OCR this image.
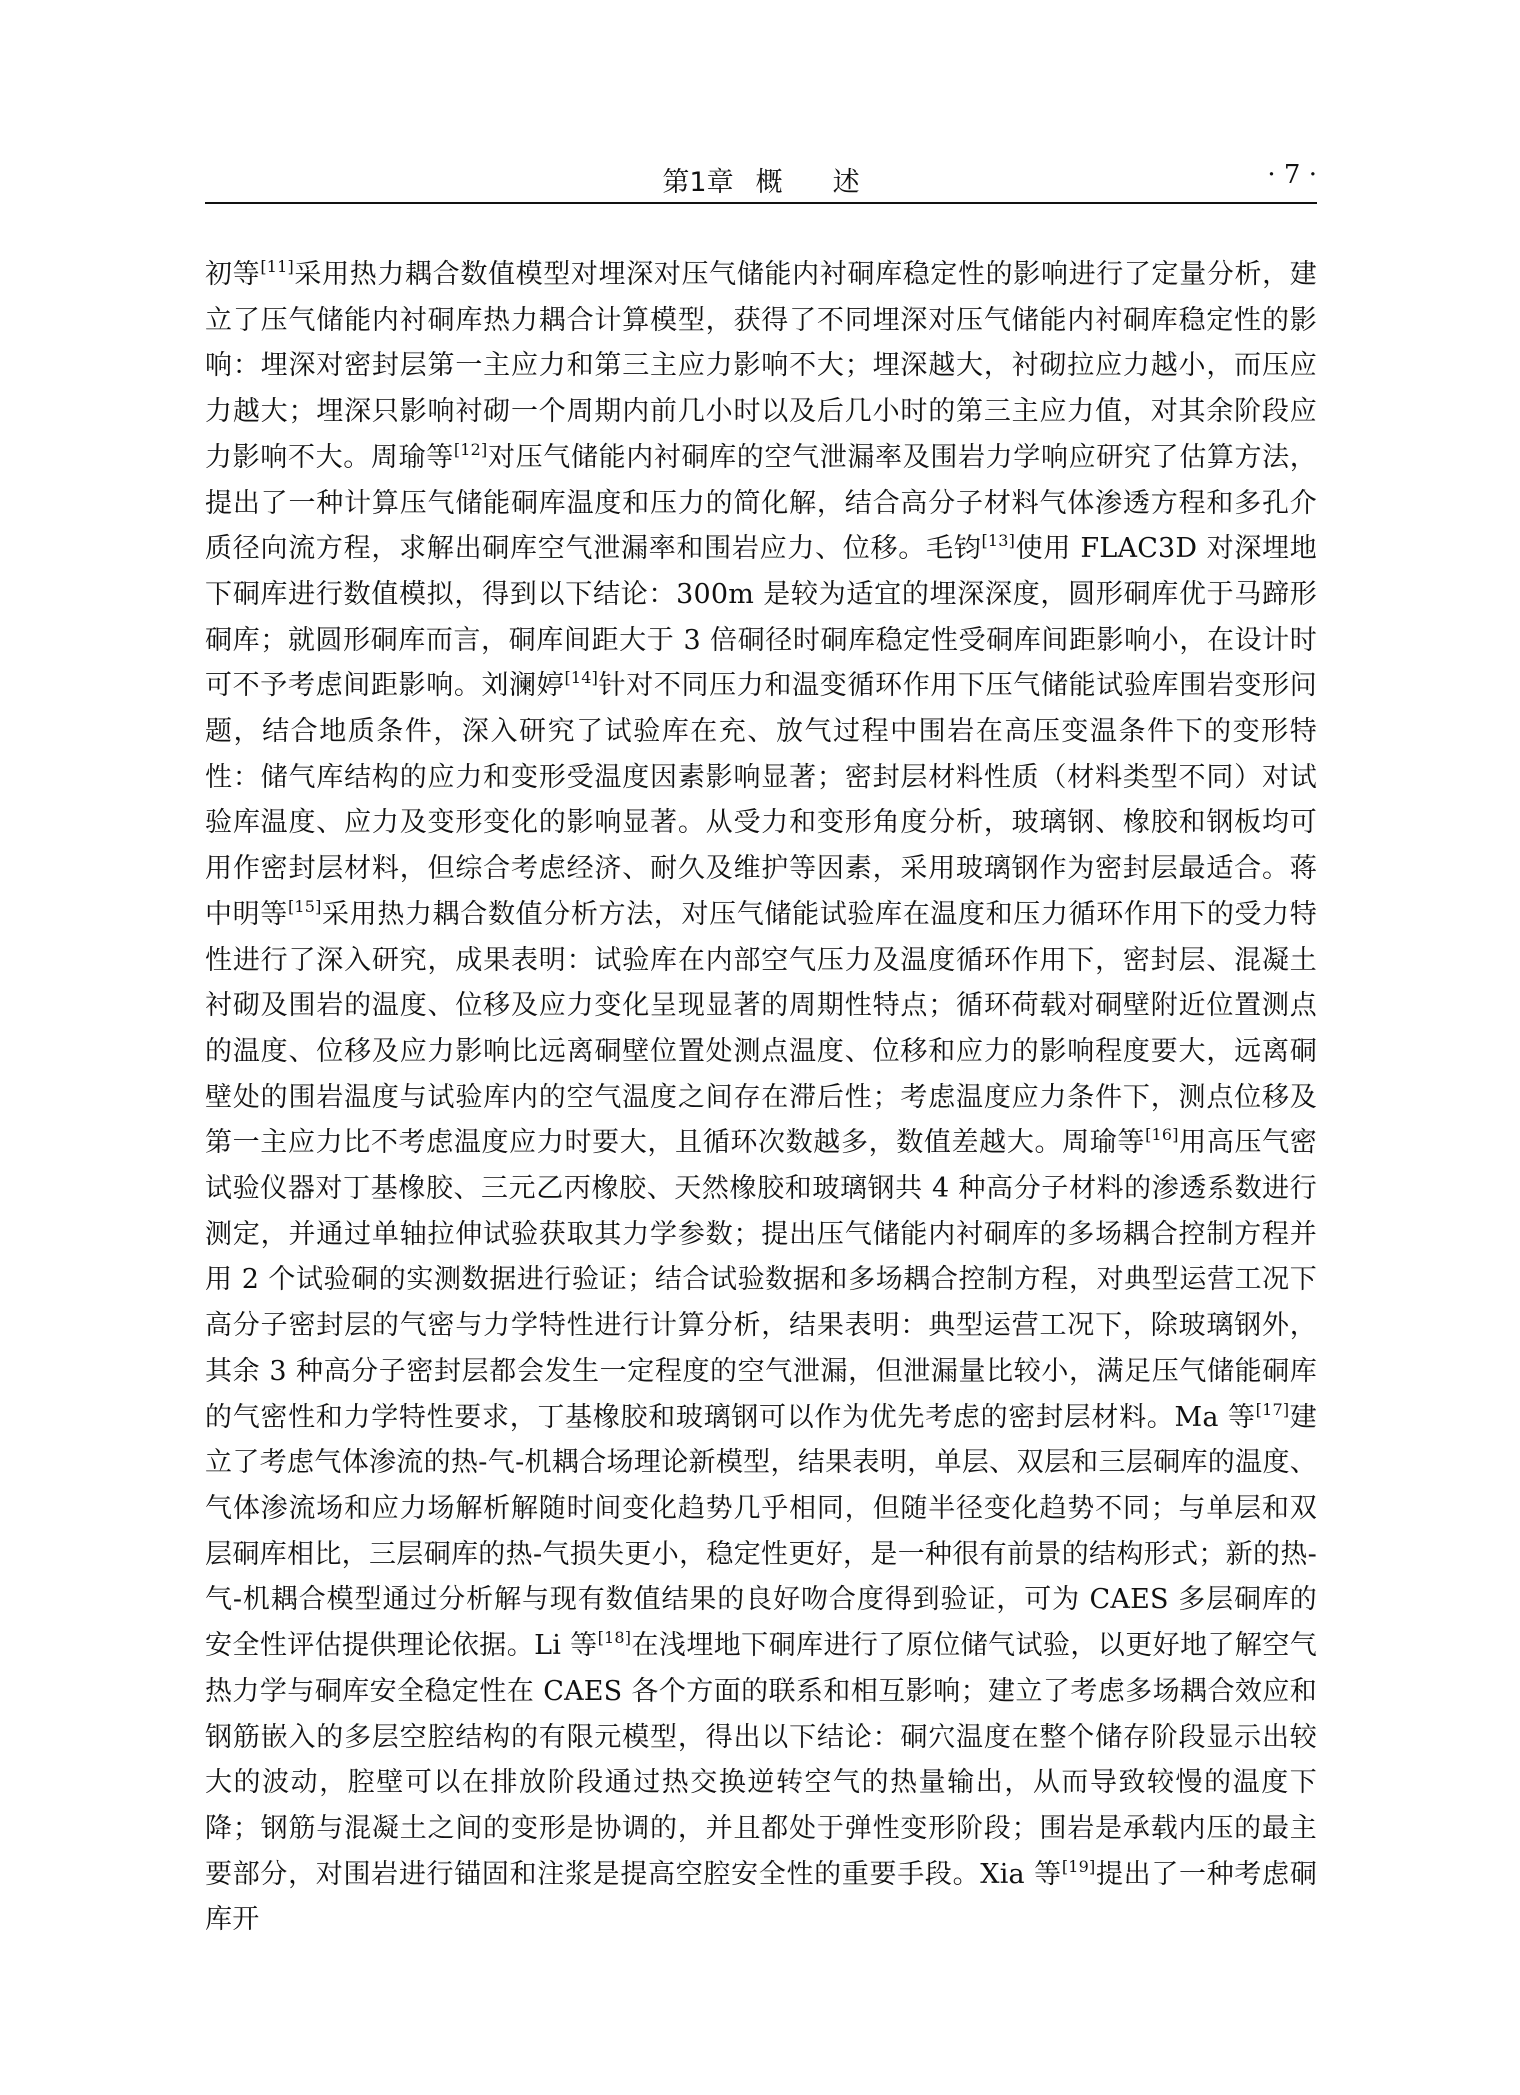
第1章 概 述	· 7 ·
初等[11]采用热力耦合数值模型对埋深对压气储能内衬硐库稳定性的影响进行了定量分析，建立了压气储能内衬硐库热力耦合计算模型，获得了不同埋深对压气储能内衬硐库稳定性的影响：埋深对密封层第一主应力和第三主应力影响不大；埋深越大，衬砌拉应力越小，而压应力越大；埋深只影响衬砌一个周期内前几小时以及后几小时的第三主应力值，对其余阶段应力影响不大。周瑜等[12]对压气储能内衬硐库的空气泄漏率及围岩力学响应研究了估算方法，提出了一种计算压气储能硐库温度和压力的简化解，结合高分子材料气体渗透方程和多孔介质径向流方程，求解出硐库空气泄漏率和围岩应力、位移。毛钧[13]使用 FLAC3D 对深埋地下硐库进行数值模拟，得到以下结论：300m 是较为适宜的埋深深度，圆形硐库优于马蹄形硐库；就圆形硐库而言，硐库间距大于 3 倍硐径时硐库稳定性受硐库间距影响小，在设计时可不予考虑间距影响。刘澜婷[14]针对不同压力和温变循环作用下压气储能试验库围岩变形问题，结合地质条件，深入研究了试验库在充、放气过程中围岩在高压变温条件下的变形特性：储气库结构的应力和变形受温度因素影响显著；密封层材料性质（材料类型不同）对试验库温度、应力及变形变化的影响显著。从受力和变形角度分析，玻璃钢、橡胶和钢板均可用作密封层材料，但综合考虑经济、耐久及维护等因素，采用玻璃钢作为密封层最适合。蒋中明等[15]采用热力耦合数值分析方法，对压气储能试验库在温度和压力循环作用下的受力特性进行了深入研究，成果表明：试验库在内部空气压力及温度循环作用下，密封层、混凝土衬砌及围岩的温度、位移及应力变化呈现显著的周期性特点；循环荷载对硐壁附近位置测点的温度、位移及应力影响比远离硐壁位置处测点温度、位移和应力的影响程度要大，远离硐壁处的围岩温度与试验库内的空气温度之间存在滞后性；考虑温度应力条件下，测点位移及第一主应力比不考虑温度应力时要大，且循环次数越多，数值差越大。周瑜等[16]用高压气密试验仪器对丁基橡胶、三元乙丙橡胶、天然橡胶和玻璃钢共 4 种高分子材料的渗透系数进行测定，并通过单轴拉伸试验获取其力学参数；提出压气储能内衬硐库的多场耦合控制方程并用 2 个试验硐的实测数据进行验证；结合试验数据和多场耦合控制方程，对典型运营工况下高分子密封层的气密与力学特性进行计算分析，结果表明：典型运营工况下，除玻璃钢外，其余 3 种高分子密封层都会发生一定程度的空气泄漏，但泄漏量比较小，满足压气储能硐库的气密性和力学特性要求，丁基橡胶和玻璃钢可以作为优先考虑的密封层材料。Ma 等[17]建立了考虑气体渗流的热-气-机耦合场理论新模型，结果表明，单层、双层和三层硐库的温度、气体渗流场和应力场解析解随时间变化趋势几乎相同，但随半径变化趋势不同；与单层和双层硐库相比，三层硐库的热-气损失更小，稳定性更好，是一种很有前景的结构形式；新的热-气-机耦合模型通过分析解与现有数值结果的良好吻合度得到验证，可为 CAES 多层硐库的安全性评估提供理论依据。Li 等[18]在浅埋地下硐库进行了原位储气试验，以更好地了解空气热力学与硐库安全稳定性在 CAES 各个方面的联系和相互影响；建立了考虑多场耦合效应和钢筋嵌入的多层空腔结构的有限元模型，得出以下结论：硐穴温度在整个储存阶段显示出较大的波动，腔壁可以在排放阶段通过热交换逆转空气的热量输出，从而导致较慢的温度下降；钢筋与混凝土之间的变形是协调的，并且都处于弹性变形阶段；围岩是承载内压的最主要部分，对围岩进行锚固和注浆是提高空腔安全性的重要手段。Xia 等[19]提出了一种考虑硐库开
